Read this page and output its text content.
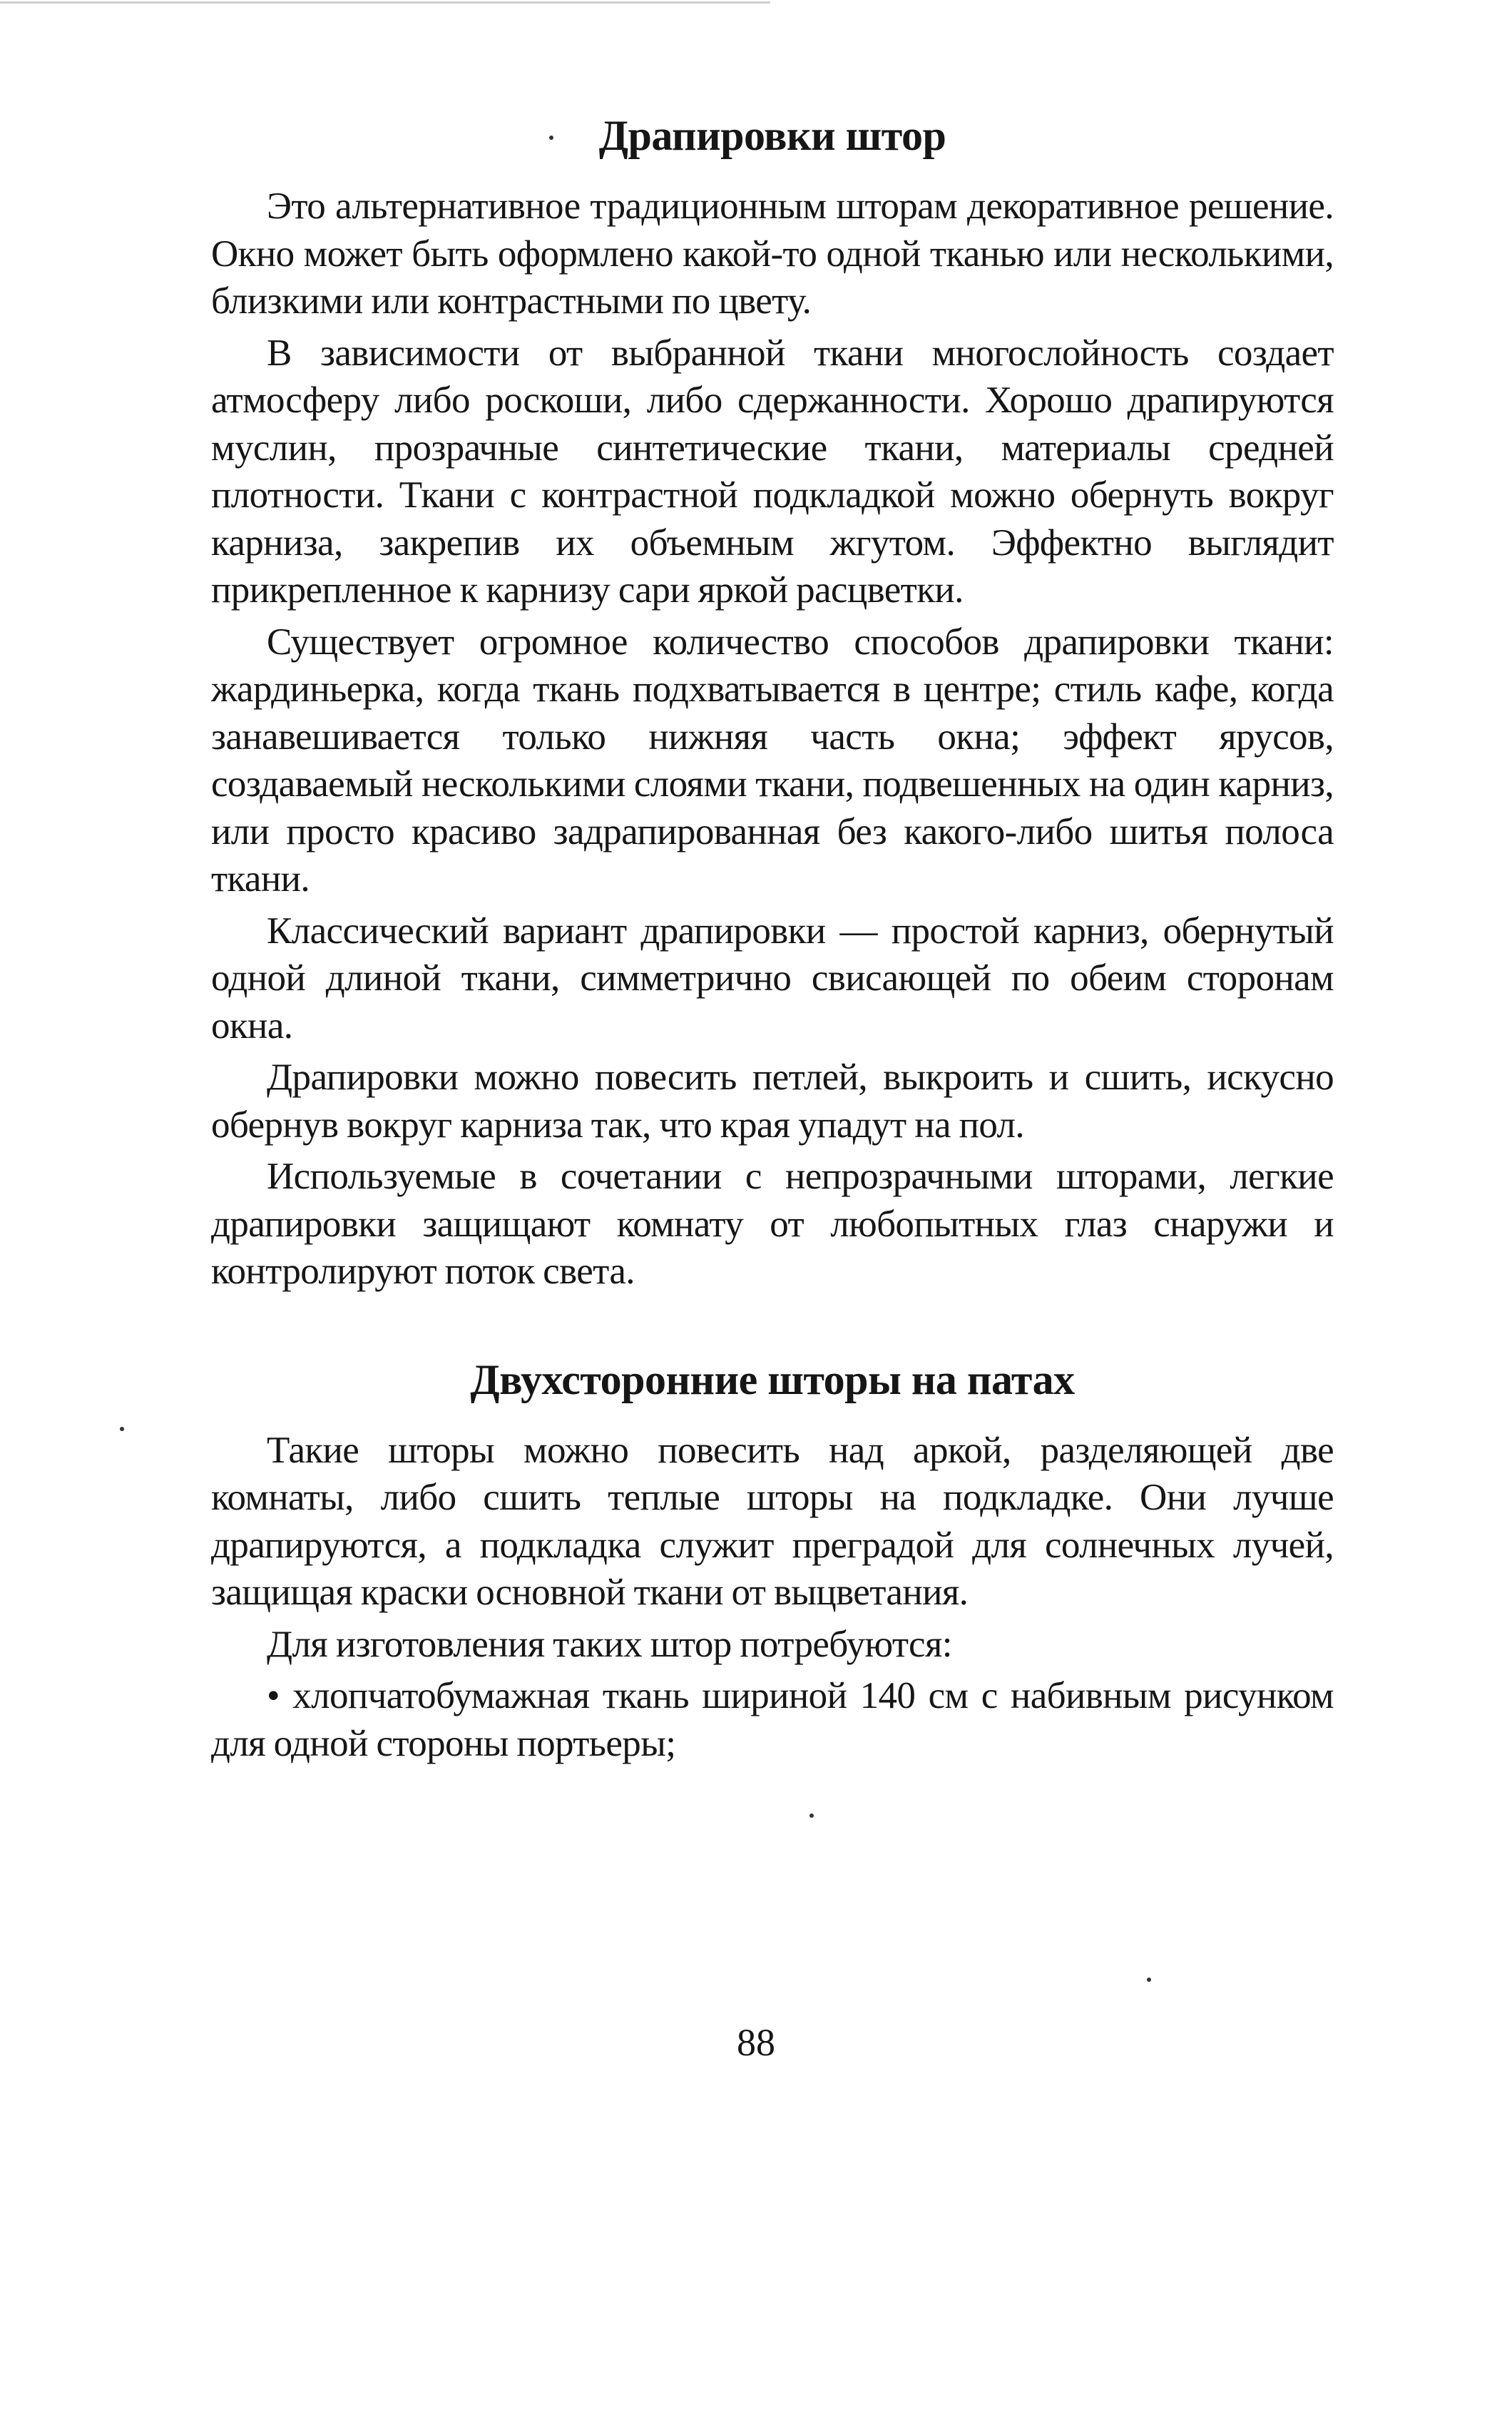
Драпировки штор

Это альтернативное традиционным шторам декоративное решение. Окно может быть оформлено какой-то одной тканью или несколькими, близкими или контрастными по цвету.

В зависимости от выбранной ткани многослойность создает атмосферу либо роскоши, либо сдержанности. Хорошо драпируются муслин, прозрачные синтетические ткани, материалы средней плотности. Ткани с контрастной подкладкой можно обернуть вокруг карниза, закрепив их объемным жгутом. Эффектно выглядит прикрепленное к карнизу сари яркой расцветки.

Существует огромное количество способов драпировки ткани: жардиньерка, когда ткань подхватывается в центре; стиль кафе, когда занавешивается только нижняя часть окна; эффект ярусов, создаваемый несколькими слоями ткани, подвешенных на один карниз, или просто красиво задрапированная без какого-либо шитья полоса ткани.

Классический вариант драпировки — простой карниз, обернутый одной длиной ткани, симметрично свисающей по обеим сторонам окна.

Драпировки можно повесить петлей, выкроить и сшить, искусно обернув вокруг карниза так, что края упадут на пол.

Используемые в сочетании с непрозрачными шторами, легкие драпировки защищают комнату от любопытных глаз снаружи и контролируют поток света.

Двухсторонние шторы на патах

Такие шторы можно повесить над аркой, разделяющей две комнаты, либо сшить теплые шторы на подкладке. Они лучше драпируются, а подкладка служит преградой для солнечных лучей, защищая краски основной ткани от выцветания.

Для изготовления таких штор потребуются:

• хлопчатобумажная ткань шириной 140 см с набивным рисунком для одной стороны портьеры;
88
